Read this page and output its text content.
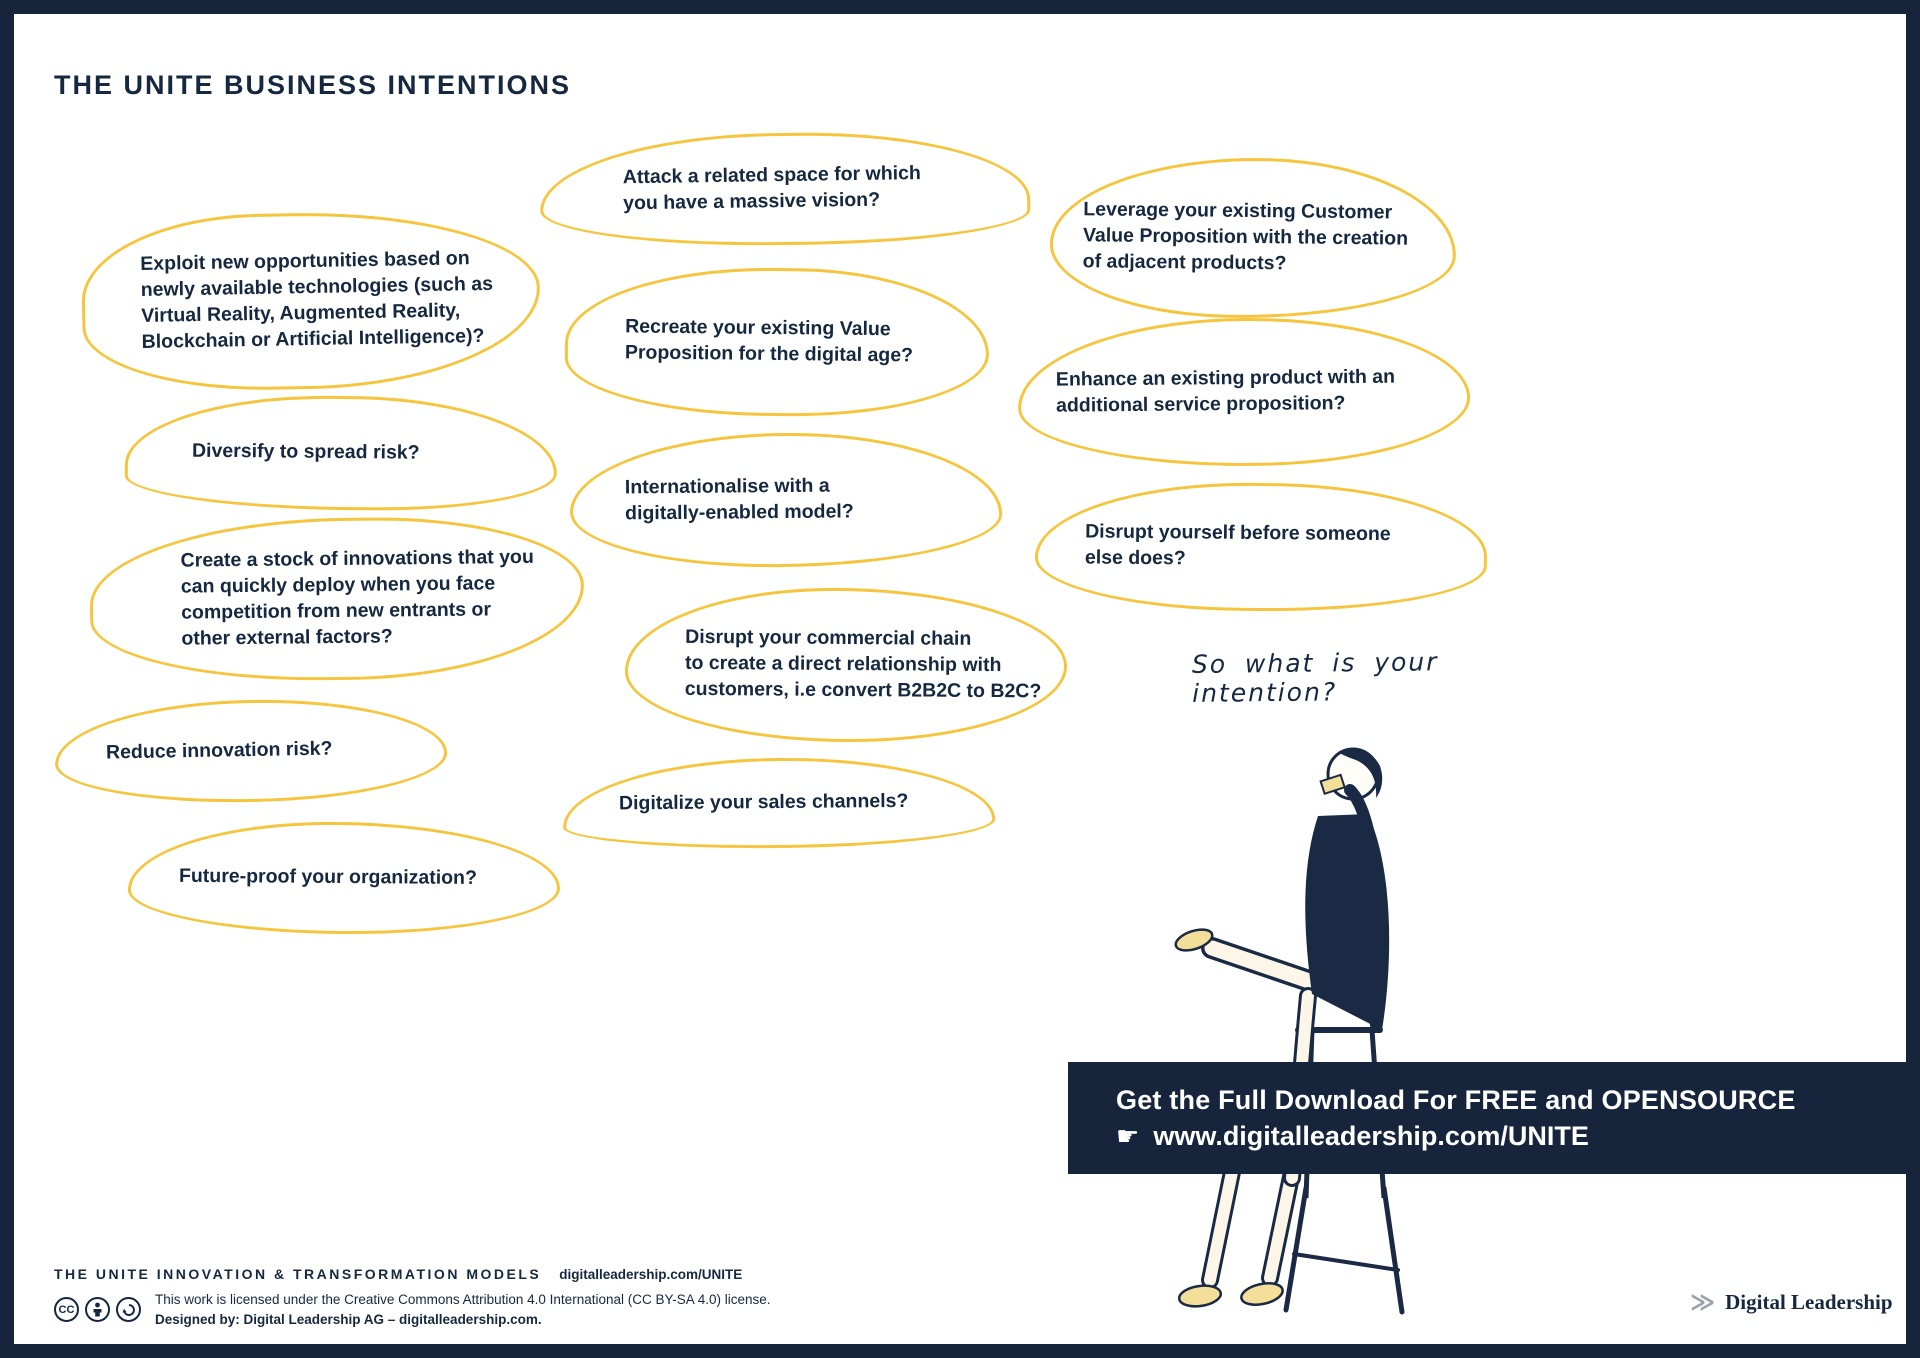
THE UNITE BUSINESS INTENTIONS

Exploit new opportunities based on
newly available technologies (such as
Virtual Reality, Augmented Reality,
Blockchain or Artificial Intelligence)?

Diversify to spread risk?

Create a stock of innovations that you
can quickly deploy when you face
competition from new entrants or
other external factors?

Reduce innovation risk?

Future-proof your organization?

Attack a related space for which
you have a massive vision?

Recreate your existing Value
Proposition for the digital age?

Internationalise with a
digitally-enabled model?

Disrupt your commercial chain
to create a direct relationship with
customers, i.e convert B2B2C to B2C?

Digitalize your sales channels?

Leverage your existing Customer
Value Proposition with the creation
of adjacent products?

Enhance an existing product with an
additional service proposition?

Disrupt yourself before someone
else does?

So what is your intention?
Get the Full Download For FREE and OPENSOURCE
☛ www.digitalleadership.com/UNITE
THE UNITE INNOVATION & TRANSFORMATION MODELS digitalleadership.com/UNITE
CC
This work is licensed under the Creative Commons Attribution 4.0 International (CC BY-SA 4.0) license.
Designed by: Digital Leadership AG – digitalleadership.com.
≫ Digital Leadership
